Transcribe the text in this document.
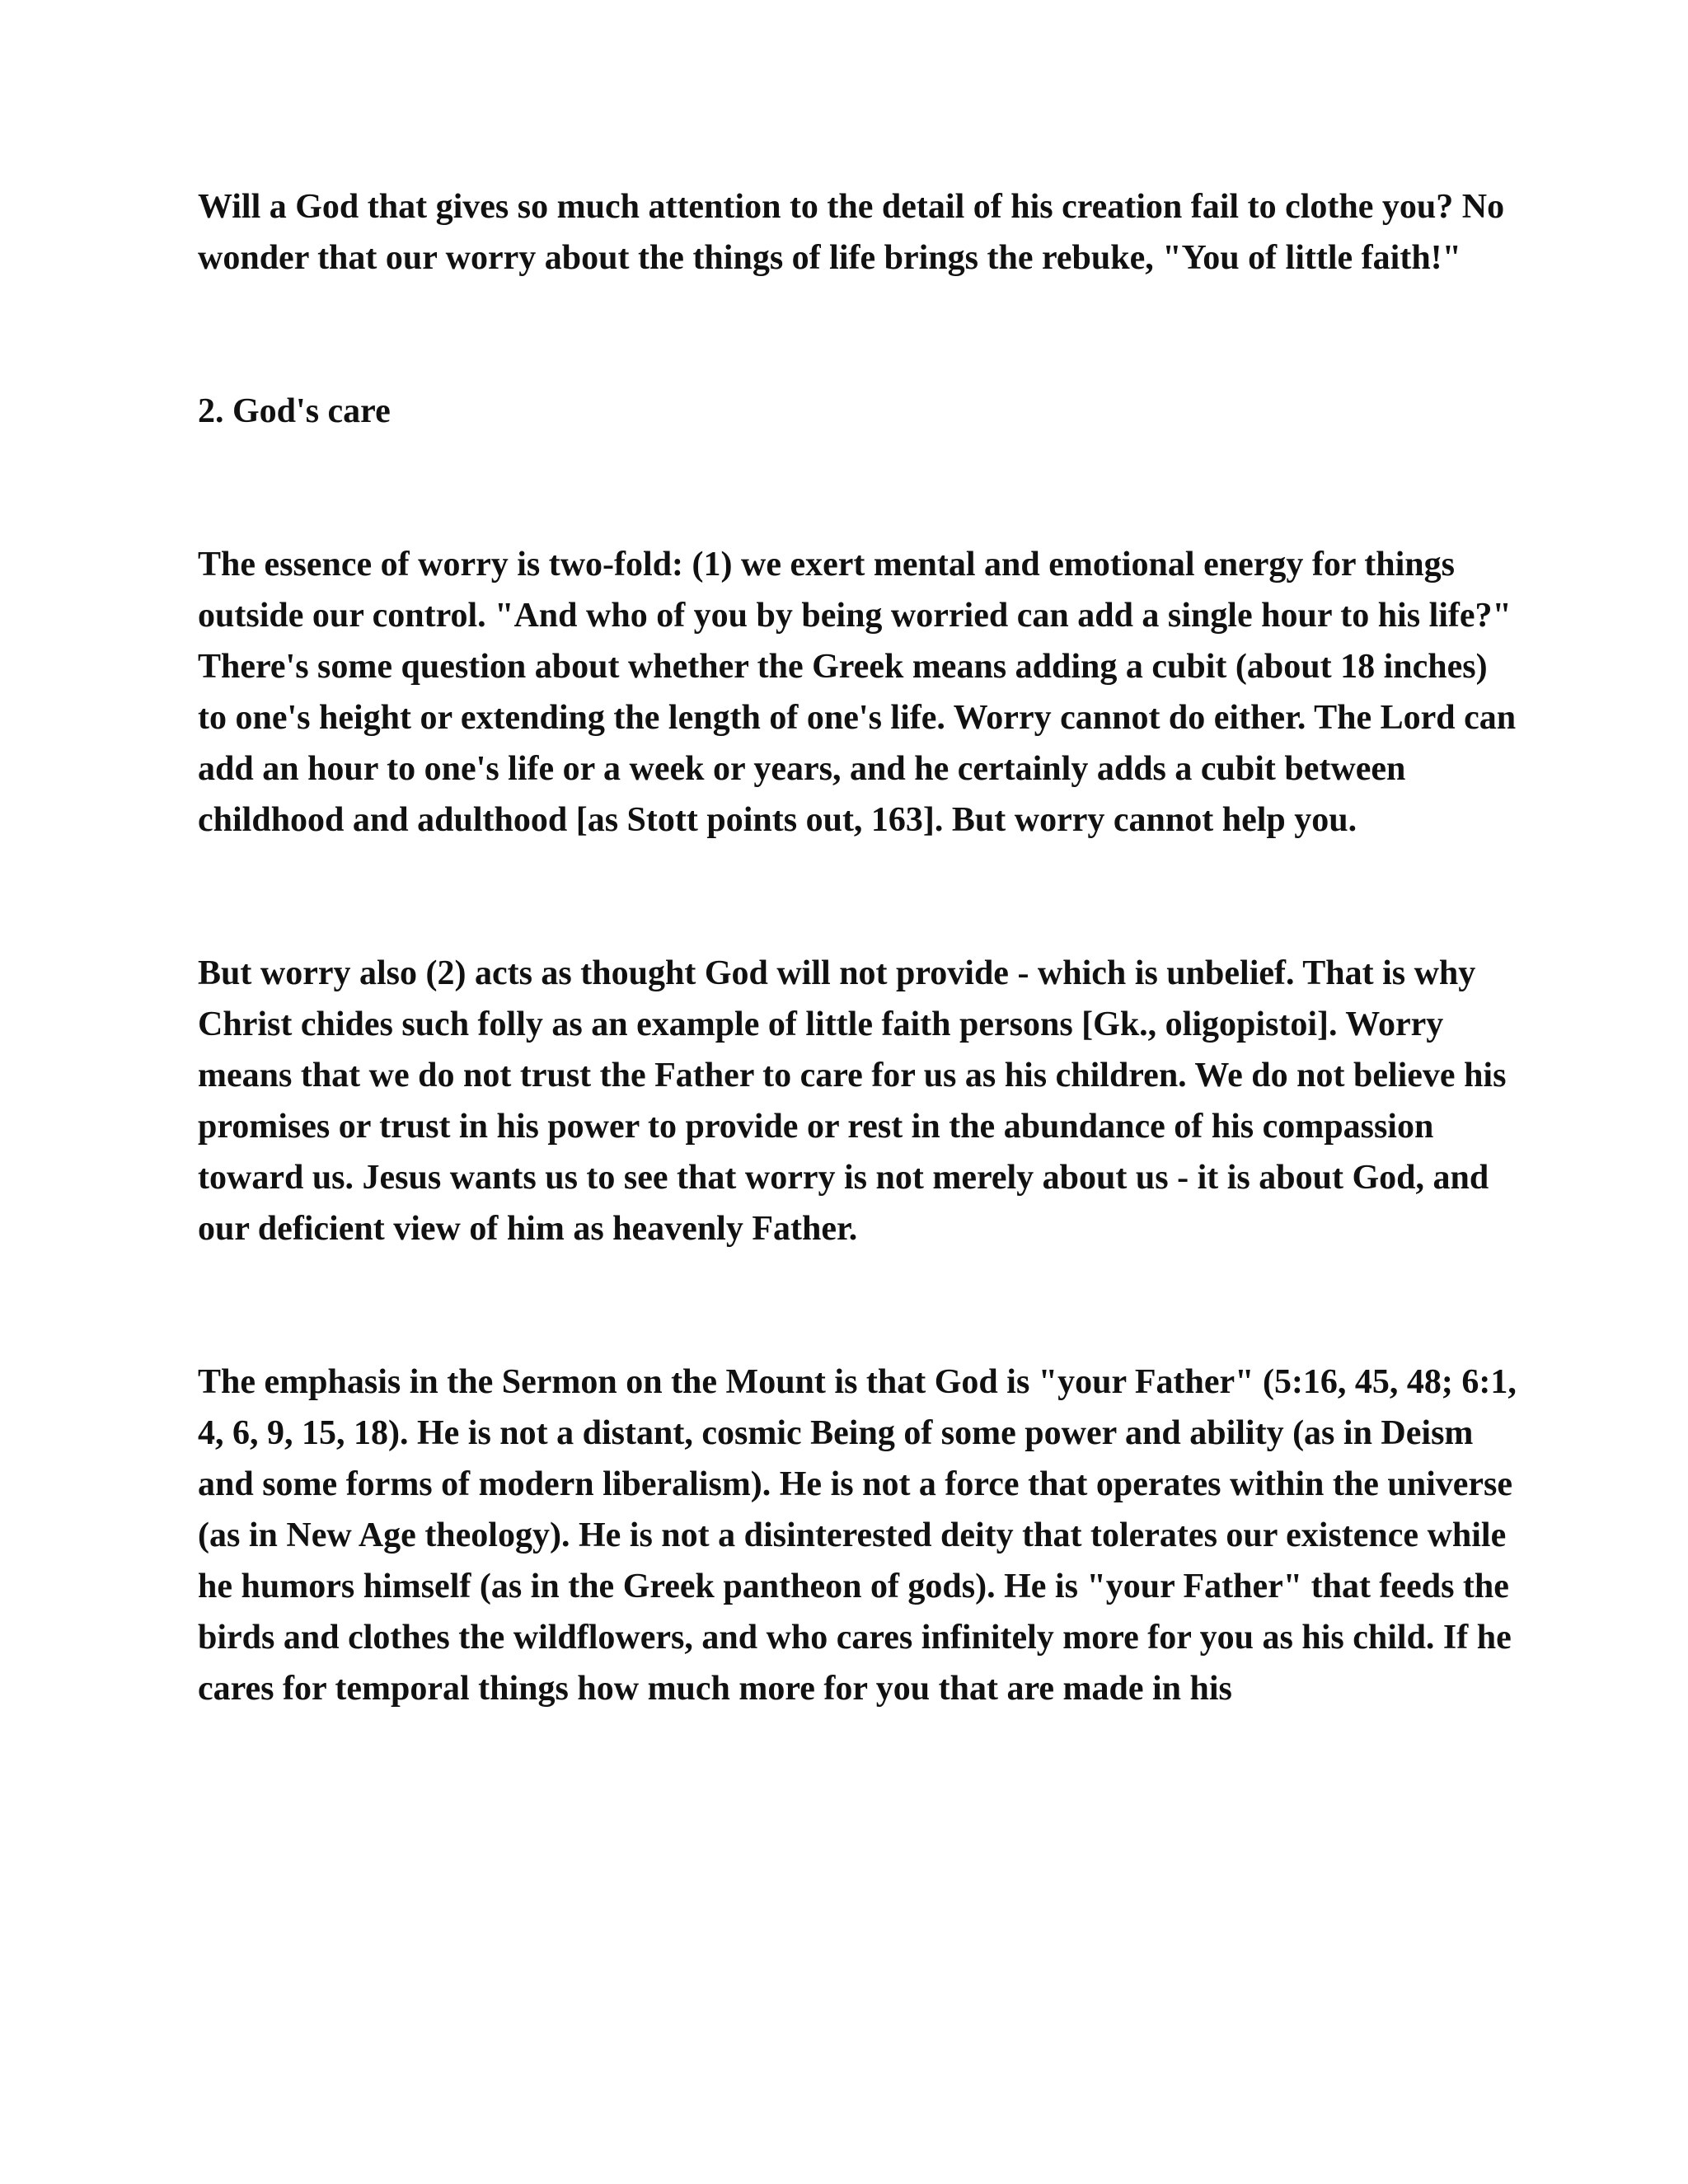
Will a God that gives so much attention to the detail of his creation fail to clothe you? No wonder that our worry about the things of life brings the rebuke, "You of little faith!"

2. God's care

The essence of worry is two-fold: (1) we exert mental and emotional energy for things outside our control. "And who of you by being worried can add a single hour to his life?" There's some question about whether the Greek means adding a cubit (about 18 inches) to one's height or extending the length of one's life. Worry cannot do either. The Lord can add an hour to one's life or a week or years, and he certainly adds a cubit between childhood and adulthood [as Stott points out, 163]. But worry cannot help you.

But worry also (2) acts as thought God will not provide - which is unbelief. That is why Christ chides such folly as an example of little faith persons [Gk., oligopistoi]. Worry means that we do not trust the Father to care for us as his children. We do not believe his promises or trust in his power to provide or rest in the abundance of his compassion toward us. Jesus wants us to see that worry is not merely about us - it is about God, and our deficient view of him as heavenly Father.

The emphasis in the Sermon on the Mount is that God is "your Father" (5:16, 45, 48; 6:1, 4, 6, 9, 15, 18). He is not a distant, cosmic Being of some power and ability (as in Deism and some forms of modern liberalism). He is not a force that operates within the universe (as in New Age theology). He is not a disinterested deity that tolerates our existence while he humors himself (as in the Greek pantheon of gods). He is "your Father" that feeds the birds and clothes the wildflowers, and who cares infinitely more for you as his child. If he cares for temporal things how much more for you that are made in his
